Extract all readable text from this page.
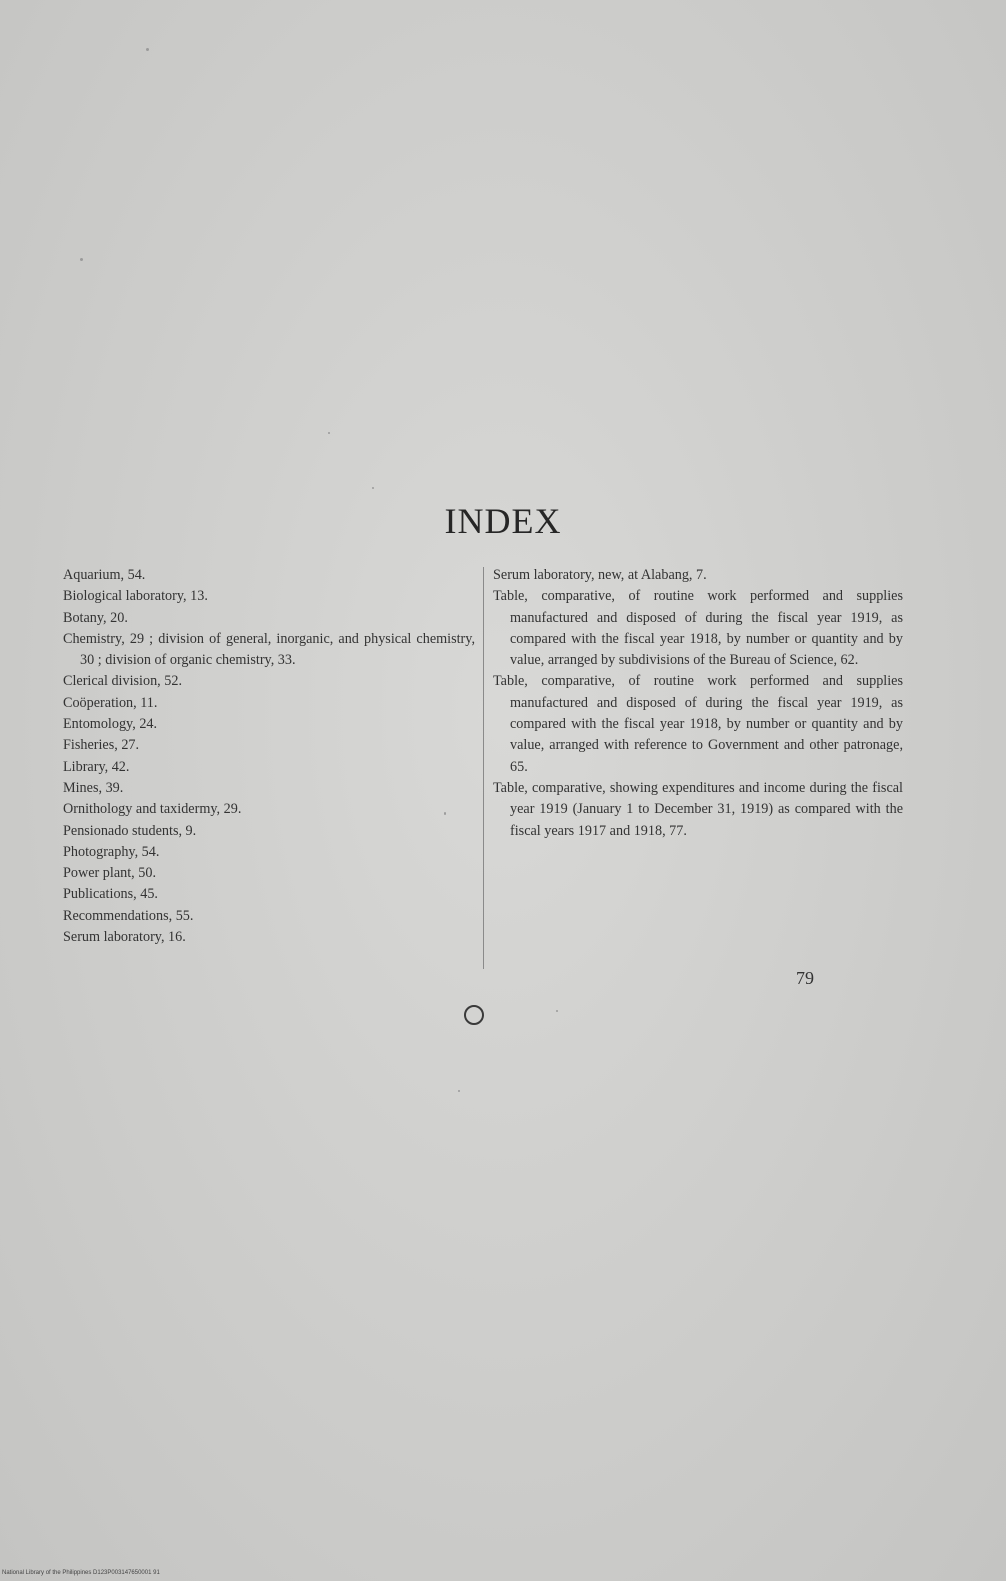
INDEX

Aquarium, 54.

Biological laboratory, 13.

Botany, 20.

Chemistry, 29 ; division of general, inorganic, and physical chemistry, 30 ; division of organic chemistry, 33.

Clerical division, 52.

Coöperation, 11.

Entomology, 24.

Fisheries, 27.

Library, 42.

Mines, 39.

Ornithology and taxidermy, 29.

Pensionado students, 9.

Photography, 54.

Power plant, 50.

Publications, 45.

Recommendations, 55.

Serum laboratory, 16.

Serum laboratory, new, at Alabang, 7.

Table, comparative, of routine work performed and supplies manufactured and disposed of during the fiscal year 1919, as compared with the fiscal year 1918, by number or quantity and by value, arranged by subdivisions of the Bureau of Science, 62.

Table, comparative, of routine work performed and supplies manufactured and disposed of during the fiscal year 1919, as compared with the fiscal year 1918, by number or quantity and by value, arranged with reference to Government and other patronage, 65.

Table, comparative, showing expenditures and income during the fiscal year 1919 (January 1 to December 31, 1919) as compared with the fiscal years 1917 and 1918, 77.

79
National Library of the Philippines D123P003147650001 91
